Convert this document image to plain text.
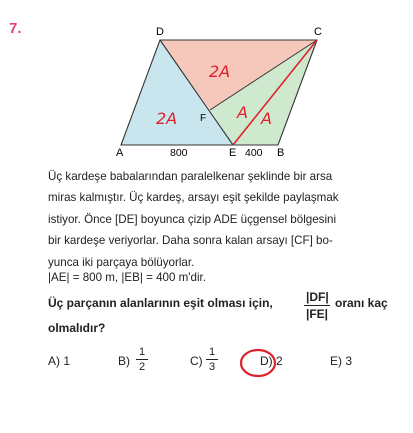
7.	D	C
A	B
E
F
800	400
2A
2A	A A
Üç kardeşe babalarından paralelkenar şeklinde bir arsa
miras kalmıştır. Üç kardeş, arsayı eşit şekilde paylaşmak
istiyor. Önce [DE] boyunca çizip ADE üçgensel bölgesini
bir kardeşe veriyorlar. Daha sonra kalan arsayı [CF] bo-
yunca iki parçaya bölüyorlar.
|AE| = 800 m, |EB| = 400 m'dir.
Üç parçanın alanlarının eşit olması için,	|DF|
|FE|
oranı kaç
olmalıdır?
A) 1	B)
1
2	C)
1
3	D) 2	E) 3
